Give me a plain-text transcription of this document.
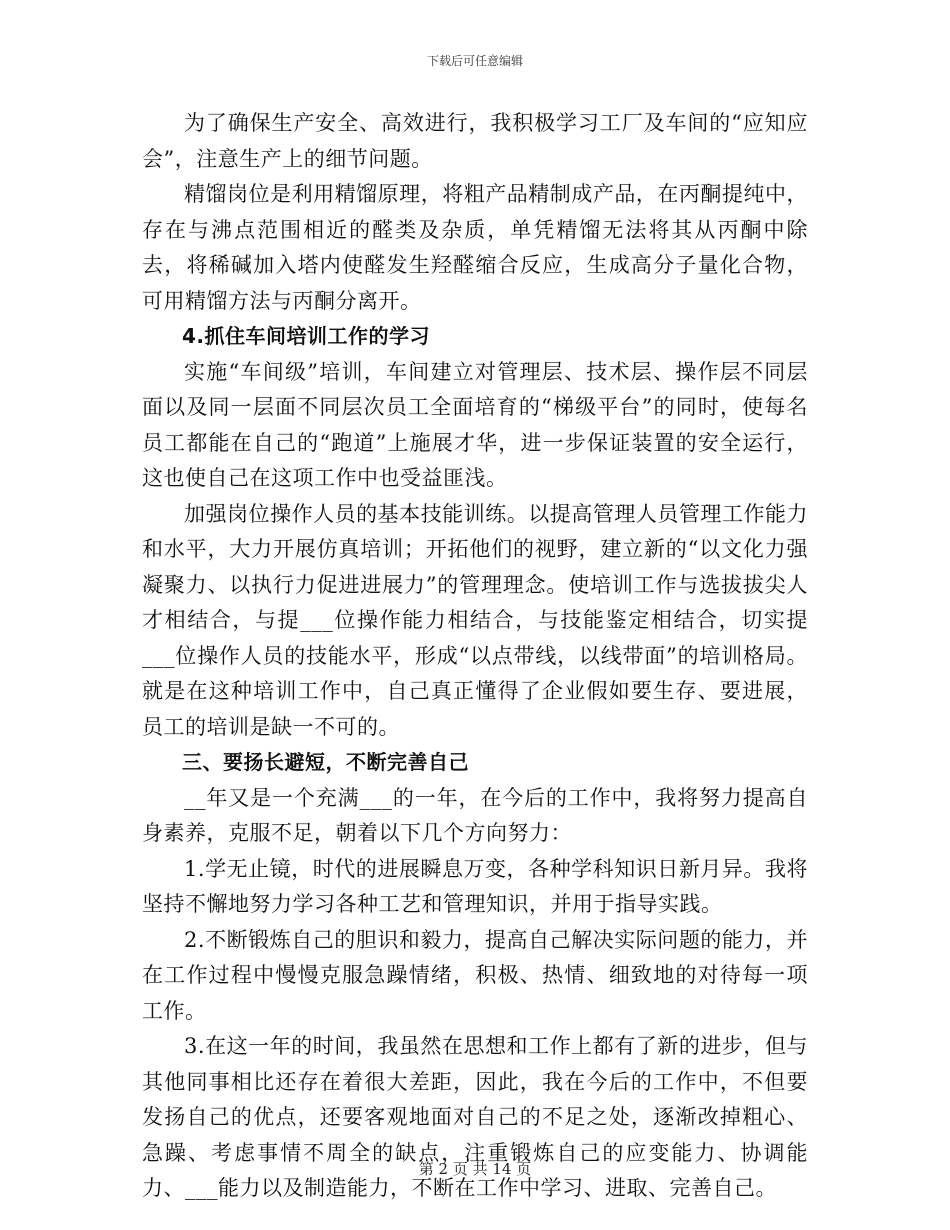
下载后可任意编辑

为了确保生产安全、高效进行，我积极学习工厂及车间的“应知应会”，注意生产上的细节问题。

精馏岗位是利用精馏原理，将粗产品精制成产品，在丙酮提纯中，存在与沸点范围相近的醛类及杂质，单凭精馏无法将其从丙酮中除去，将稀碱加入塔内使醛发生羟醛缩合反应，生成高分子量化合物，可用精馏方法与丙酮分离开。

4.抓住车间培训工作的学习

实施“车间级”培训，车间建立对管理层、技术层、操作层不同层面以及同一层面不同层次员工全面培育的“梯级平台”的同时，使每名员工都能在自己的“跑道”上施展才华，进一步保证装置的安全运行，这也使自己在这项工作中也受益匪浅。

加强岗位操作人员的基本技能训练。以提高管理人员管理工作能力和水平，大力开展仿真培训；开拓他们的视野，建立新的“以文化力强凝聚力、以执行力促进进展力”的管理理念。使培训工作与选拔拔尖人才相结合，与提___位操作能力相结合，与技能鉴定相结合，切实提___位操作人员的技能水平，形成“以点带线，以线带面”的培训格局。就是在这种培训工作中，自己真正懂得了企业假如要生存、要进展，员工的培训是缺一不可的。

三、要扬长避短，不断完善自己

__年又是一个充满___的一年，在今后的工作中，我将努力提高自身素养，克服不足，朝着以下几个方向努力：

1.学无止镜，时代的进展瞬息万变，各种学科知识日新月异。我将坚持不懈地努力学习各种工艺和管理知识，并用于指导实践。

2.不断锻炼自己的胆识和毅力，提高自己解决实际问题的能力，并在工作过程中慢慢克服急躁情绪，积极、热情、细致地的对待每一项工作。

3.在这一年的时间，我虽然在思想和工作上都有了新的进步，但与其他同事相比还存在着很大差距，因此，我在今后的工作中，不但要发扬自己的优点，还要客观地面对自己的不足之处，逐渐改掉粗心、急躁、考虑事情不周全的缺点，注重锻炼自己的应变能力、协调能力、___能力以及制造能力，不断在工作中学习、进取、完善自己。

第 2 页 共 14 页
